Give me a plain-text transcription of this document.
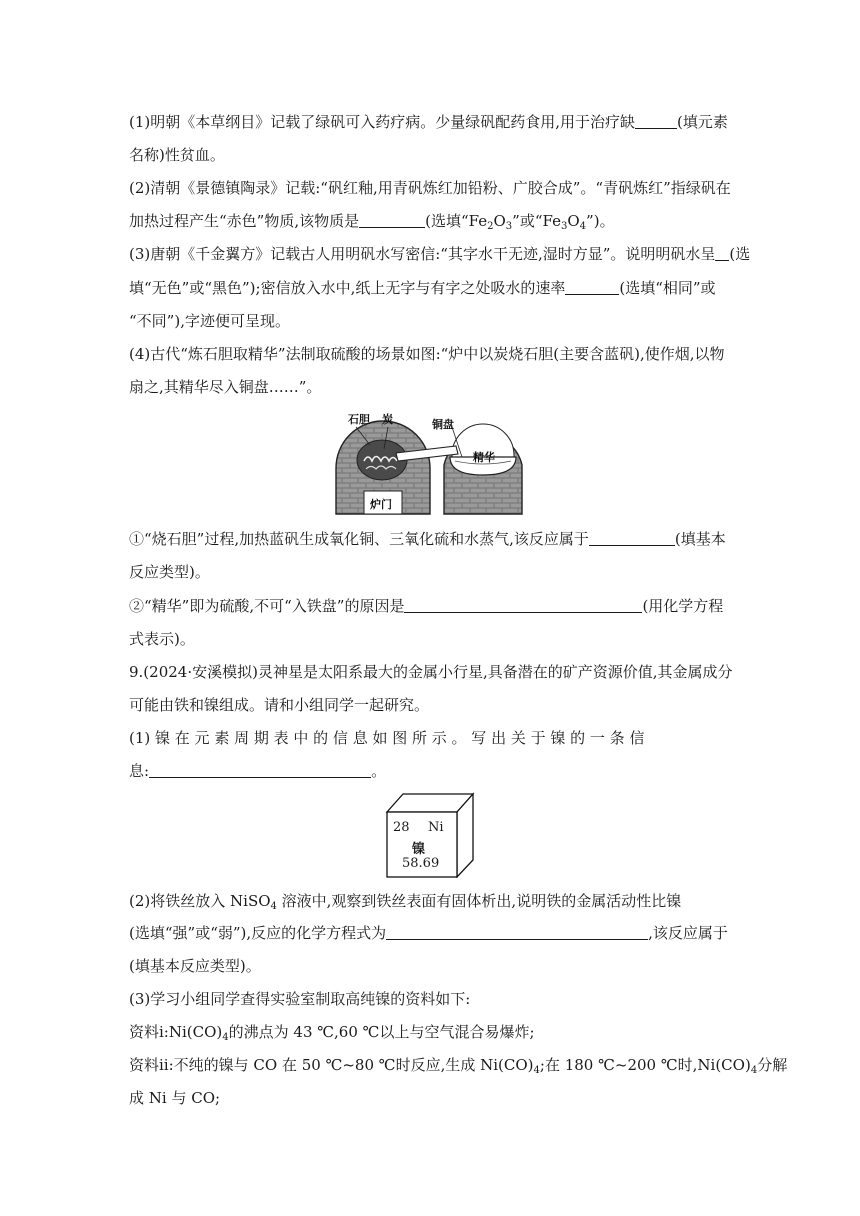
(1)明朝《本草纲目》记载了绿矾可入药疗病。少量绿矾配药食用,用于治疗缺	(填元素
名称)性贫血。
(2)清朝《景德镇陶录》记载:“矾红釉,用青矾炼红加铅粉、广胶合成”。“青矾炼红”指绿矾在
加热过程产生“赤色”物质,该物质是	(选填“$Fe_2O_3$”或“$Fe_3O_4$”)。
(3)唐朝《千金翼方》记载古人用明矾水写密信:“其字水干无迹,湿时方显”。说明明矾水呈 (选
填“无色”或“黑色”);密信放入水中,纸上无字与有字之处吸水的速率	(选填“相同”或
“不同”),字迹便可呈现。
(4)古代“炼石胆取精华”法制取硫酸的场景如图:“炉中以炭烧石胆(主要含蓝矾),使作烟,以物
扇之,其精华尽入铜盘……”。
石胆 炭	铜盘
精华
炉门
①“烧石胆”过程,加热蓝矾生成氧化铜、三氧化硫和水蒸气,该反应属于	(填基本
反应类型)。
②“精华”即为硫酸,不可“入铁盘”的原因是	(用化学方程
式表示)。
9.(2024·安溪模拟)灵神星是太阳系最大的金属小行星,具备潜在的矿产资源价值,其金属成分
可能由铁和镍组成。请和小组同学一起研究。
(1) 镍 在 元 素 周 期 表 中 的 信 息 如 图 所 示 。 写 出 关 于 镍 的 一 条 信
息:	。
28 Ni
镍
58.69
(2)将铁丝放入 NiSO$_4$ 溶液中,观察到铁丝表面有固体析出,说明铁的金属活动性比镍
(选填“强”或“弱”),反应的化学方程式为	,该反应属于
(填基本反应类型)。
(3)学习小组同学查得实验室制取高纯镍的资料如下:
资料$ⅰ:Ni(CO)_4$的沸点为 43 ℃,60 ℃以上与空气混合易爆炸;
资料ⅱ:不纯的镍与 CO 在 50 ℃~80 ℃时反应,生成 $Ni(CO)_4$;在 180 ℃~200 ℃时$,Ni(CO)_4$分解
成 Ni 与 CO;
